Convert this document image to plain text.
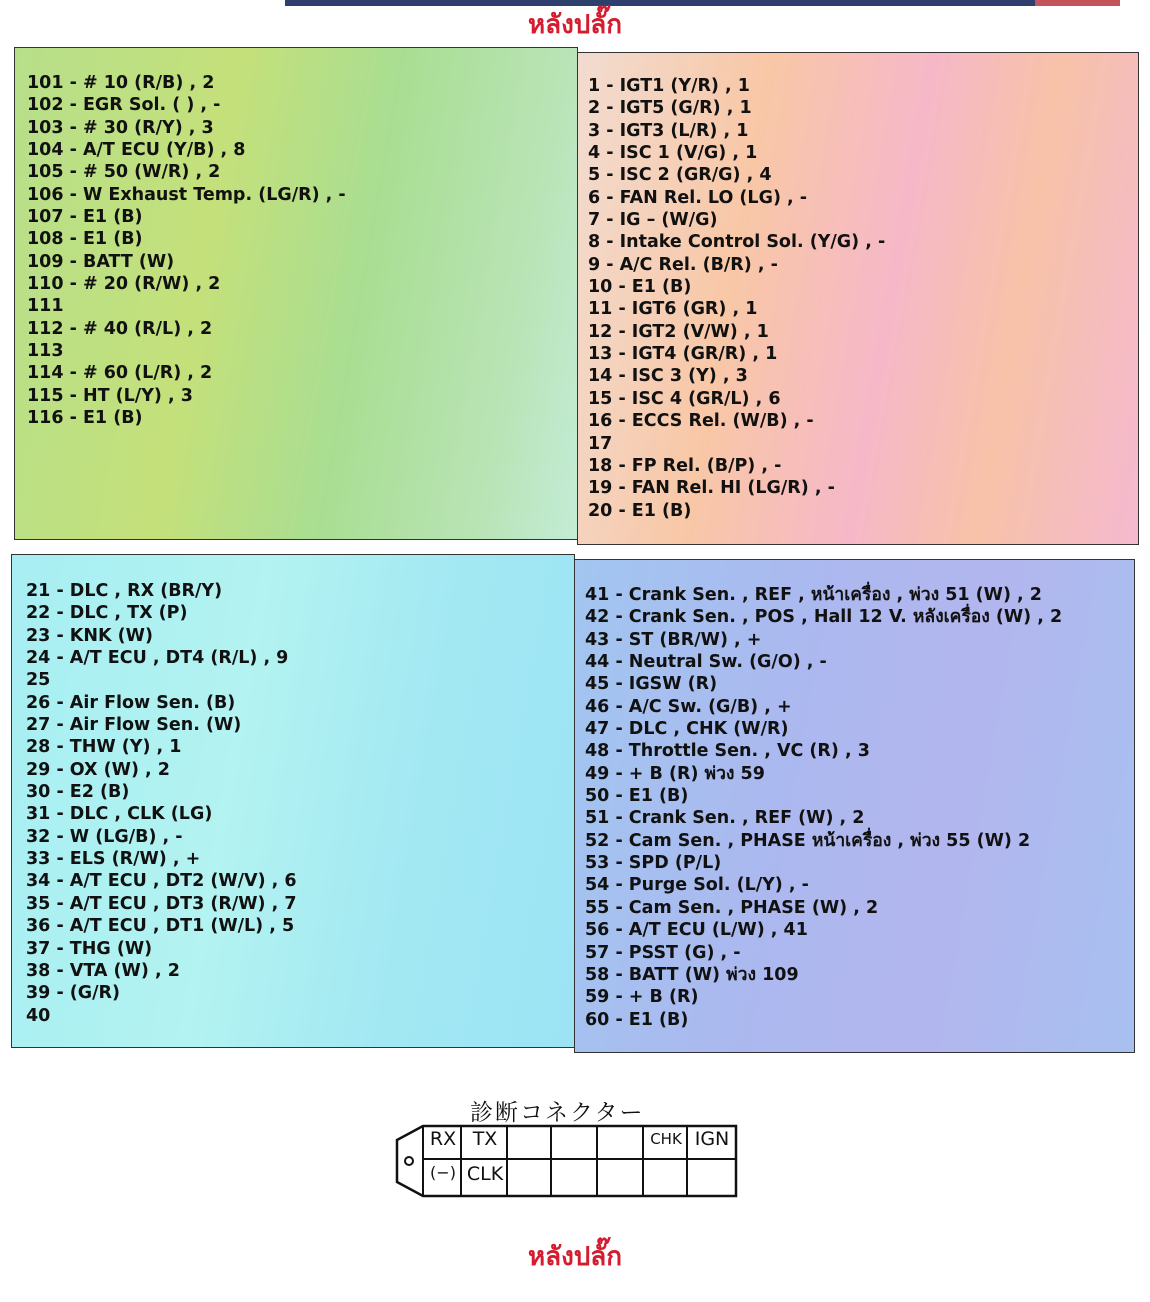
หลังปลั๊ก
101 - # 10 (R/B) , 2
102 - EGR Sol. ( ) , -
103 - # 30 (R/Y) , 3
104 - A/T ECU (Y/B) , 8
105 - # 50 (W/R) , 2
106 - W Exhaust Temp. (LG/R) , -
107 - E1 (B)
108 - E1 (B)
109 - BATT (W)
110 - # 20 (R/W) , 2
111
112 - # 40 (R/L) , 2
113
114 - # 60 (L/R) , 2
115 - HT (L/Y) , 3
116 - E1 (B)
1 - IGT1 (Y/R) , 1
2 - IGT5 (G/R) , 1
3 - IGT3 (L/R) , 1
4 - ISC 1 (V/G) , 1
5 - ISC 2 (GR/G) , 4
6 - FAN Rel. LO (LG) , -
7 - IG – (W/G)
8 - Intake Control Sol. (Y/G) , -
9 - A/C Rel. (B/R) , -
10 - E1 (B)
11 - IGT6 (GR) , 1
12 - IGT2 (V/W) , 1
13 - IGT4 (GR/R) , 1
14 - ISC 3 (Y) , 3
15 - ISC 4 (GR/L) , 6
16 - ECCS Rel. (W/B) , -
17
18 - FP Rel. (B/P) , -
19 - FAN Rel. HI (LG/R) , -
20 - E1 (B)
21 - DLC , RX (BR/Y)
22 - DLC , TX (P)
23 - KNK (W)
24 - A/T ECU , DT4 (R/L) , 9
25
26 - Air Flow Sen. (B)
27 - Air Flow Sen. (W)
28 - THW (Y) , 1
29 - OX (W) , 2
30 - E2 (B)
31 - DLC , CLK (LG)
32 - W (LG/B) , -
33 - ELS (R/W) , +
34 - A/T ECU , DT2 (W/V) , 6
35 - A/T ECU , DT3 (R/W) , 7
36 - A/T ECU , DT1 (W/L) , 5
37 - THG (W)
38 - VTA (W) , 2
39 - (G/R)
40
41 - Crank Sen. , REF , หน้าเครื่อง , พ่วง 51 (W) , 2
42 - Crank Sen. , POS , Hall 12 V. หลังเครื่อง (W) , 2
43 - ST (BR/W) , +
44 - Neutral Sw. (G/O) , -
45 - IGSW (R)
46 - A/C Sw. (G/B) , +
47 - DLC , CHK (W/R)
48 - Throttle Sen. , VC (R) , 3
49 - + B (R) พ่วง 59
50 - E1 (B)
51 - Crank Sen. , REF (W) , 2
52 - Cam Sen. , PHASE หน้าเครื่อง , พ่วง 55 (W) 2
53 - SPD (P/L)
54 - Purge Sol. (L/Y) , -
55 - Cam Sen. , PHASE (W) , 2
56 - A/T ECU (L/W) , 41
57 - PSST (G) , -
58 - BATT (W) พ่วง 109
59 - + B (R)
60 - E1 (B)
診断コネクター
RX TX	CHK IGN
(−) CLK
หลังปลั๊ก
